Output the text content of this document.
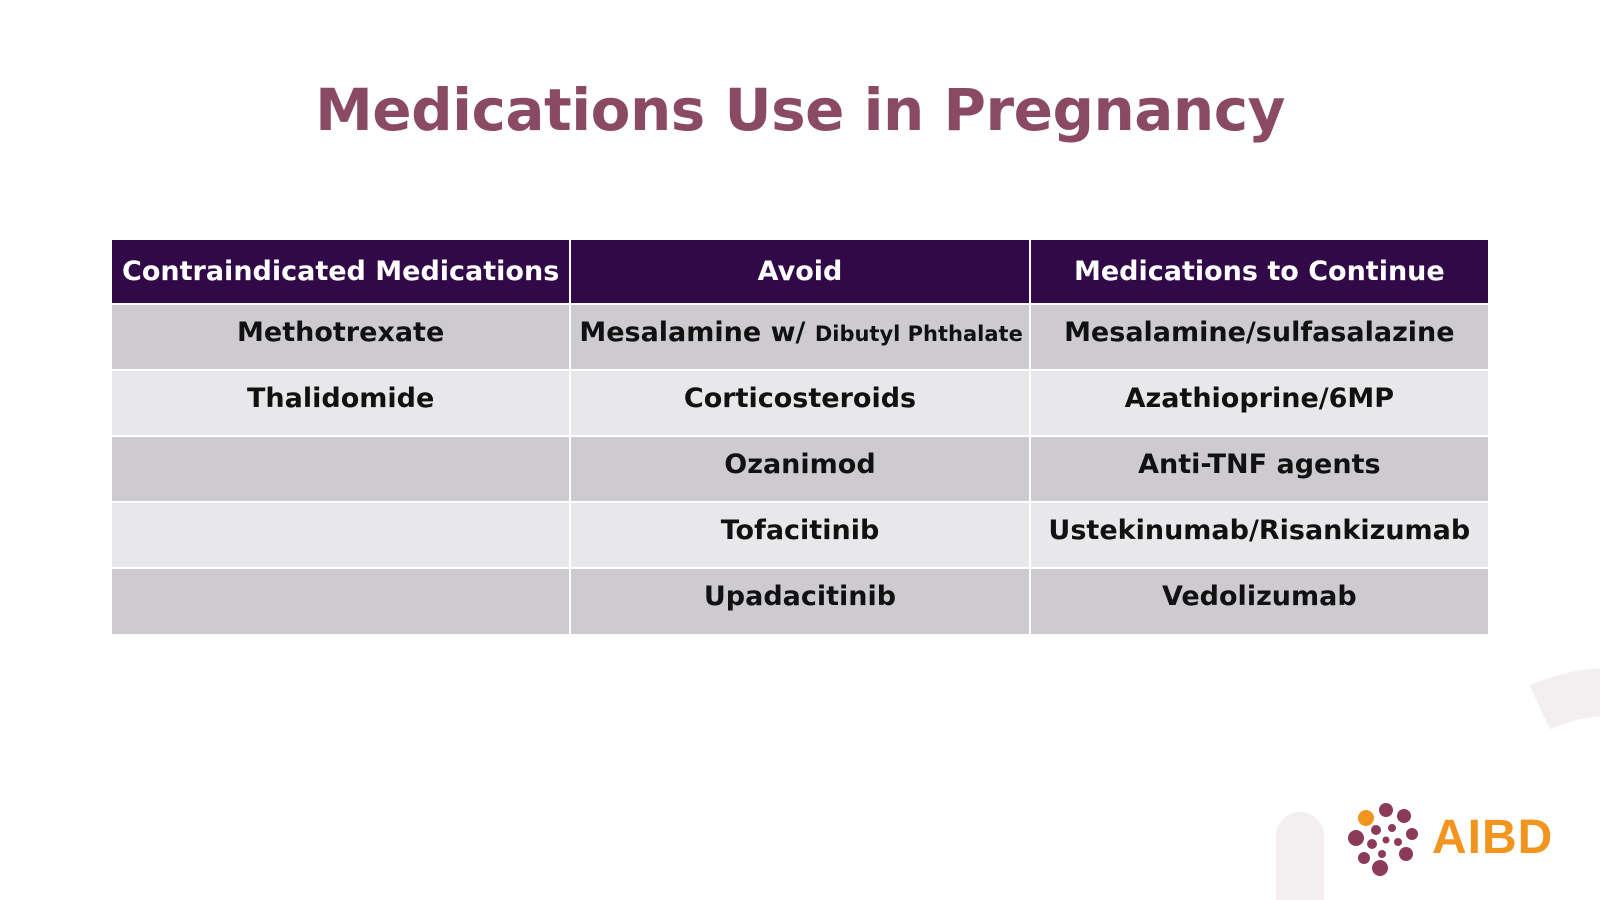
Medications Use in Pregnancy
Contraindicated Medications	Avoid	Medications to Continue
Methotrexate	Mesalamine w/ Dibutyl Phthalate	Mesalamine/sulfasalazine
Thalidomide	Corticosteroids	Azathioprine/6MP
	Ozanimod	Anti-TNF agents
	Tofacitinib	Ustekinumab/Risankizumab
	Upadacitinib	Vedolizumab
AIBD
